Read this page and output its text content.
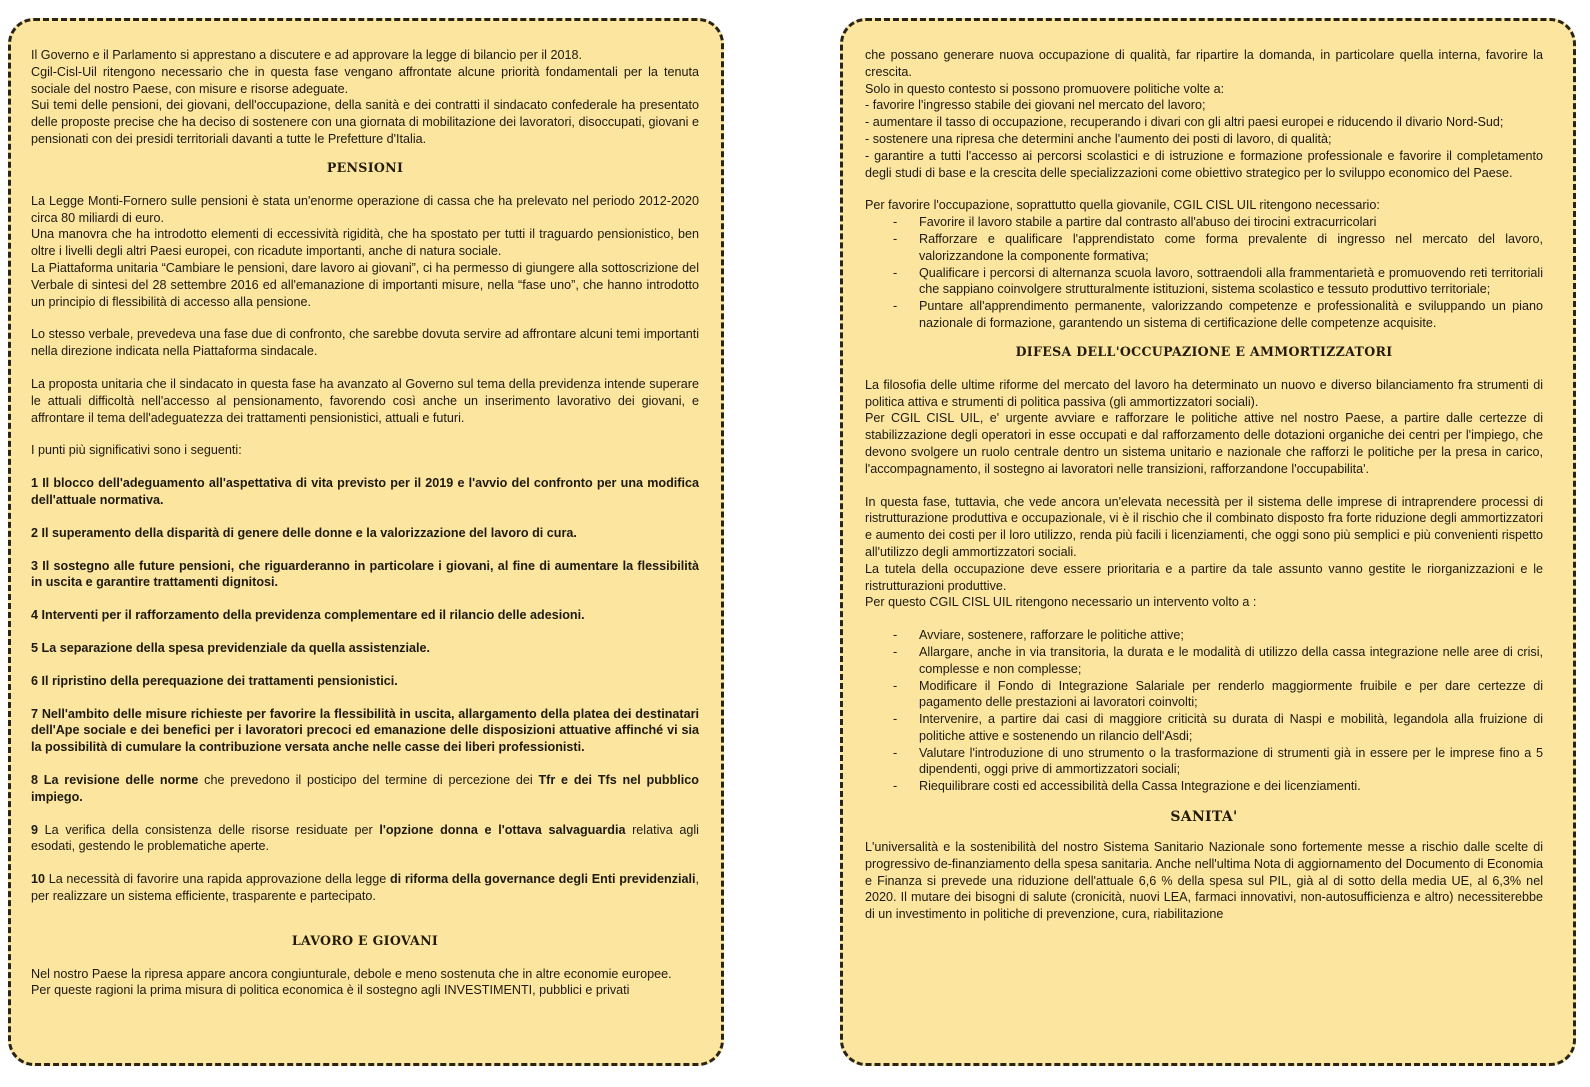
Il Governo e il Parlamento si apprestano a discutere e ad approvare la legge di bilancio per il 2018.

Cgil-Cisl-Uil ritengono necessario che in questa fase vengano affrontate alcune priorità fondamentali per la tenuta sociale del nostro Paese, con misure e risorse adeguate.

Sui temi delle pensioni, dei giovani, dell'occupazione, della sanità e dei contratti il sindacato confederale ha presentato delle proposte precise che ha deciso di sostenere con una giornata di mobilitazione dei lavoratori, disoccupati, giovani e pensionati con dei presidi territoriali davanti a tutte le Prefetture d'Italia.

PENSIONI

La Legge Monti-Fornero sulle pensioni è stata un'enorme operazione di cassa che ha prelevato nel periodo 2012-2020 circa 80 miliardi di euro.

Una manovra che ha introdotto elementi di eccessività rigidità, che ha spostato per tutti il traguardo pensionistico, ben oltre i livelli degli altri Paesi europei, con ricadute importanti, anche di natura sociale.

La Piattaforma unitaria “Cambiare le pensioni, dare lavoro ai giovani”, ci ha permesso di giungere alla sottoscrizione del Verbale di sintesi del 28 settembre 2016 ed all'emanazione di importanti misure, nella “fase uno”, che hanno introdotto un principio di flessibilità di accesso alla pensione.

Lo stesso verbale, prevedeva una fase due di confronto, che sarebbe dovuta servire ad affrontare alcuni temi importanti nella direzione indicata nella Piattaforma sindacale.

La proposta unitaria che il sindacato in questa fase ha avanzato al Governo sul tema della previdenza intende superare le attuali difficoltà nell'accesso al pensionamento, favorendo così anche un inserimento lavorativo dei giovani, e affrontare il tema dell'adeguatezza dei trattamenti pensionistici, attuali e futuri.

I punti più significativi sono i seguenti:

1 Il blocco dell'adeguamento all'aspettativa di vita previsto per il 2019 e l'avvio del confronto per una modifica dell'attuale normativa.

2 Il superamento della disparità di genere delle donne e la valorizzazione del lavoro di cura.

3 Il sostegno alle future pensioni, che riguarderanno in particolare i giovani, al fine di aumentare la flessibilità in uscita e garantire trattamenti dignitosi.

4 Interventi per il rafforzamento della previdenza complementare ed il rilancio delle adesioni.

5 La separazione della spesa previdenziale da quella assistenziale.

6 Il ripristino della perequazione dei trattamenti pensionistici.

7 Nell'ambito delle misure richieste per favorire la flessibilità in uscita, allargamento della platea dei destinatari dell'Ape sociale e dei benefici per i lavoratori precoci ed emanazione delle disposizioni attuative affinché vi sia la possibilità di cumulare la contribuzione versata anche nelle casse dei liberi professionisti.

8 La revisione delle norme che prevedono il posticipo del termine di percezione dei Tfr e dei Tfs nel pubblico impiego.

9 La verifica della consistenza delle risorse residuate per l'opzione donna e l'ottava salvaguardia relativa agli esodati, gestendo le problematiche aperte.

10 La necessità di favorire una rapida approvazione della legge di riforma della governance degli Enti previdenziali, per realizzare un sistema efficiente, trasparente e partecipato.

LAVORO E GIOVANI

Nel nostro Paese la ripresa appare ancora congiunturale, debole e meno sostenuta che in altre economie europee.

Per queste ragioni la prima misura di politica economica è il sostegno agli INVESTIMENTI, pubblici e privati

che possano generare nuova occupazione di qualità, far ripartire la domanda, in particolare quella interna, favorire la crescita.

Solo in questo contesto si possono promuovere politiche volte a:

- favorire l'ingresso stabile dei giovani nel mercato del lavoro;

- aumentare il tasso di occupazione, recuperando i divari con gli altri paesi europei e riducendo il divario Nord-Sud;

- sostenere una ripresa che determini anche l'aumento dei posti di lavoro, di qualità;

- garantire a tutti l'accesso ai percorsi scolastici e di istruzione e formazione professionale e favorire il completamento degli studi di base e la crescita delle specializzazioni come obiettivo strategico per lo sviluppo economico del Paese.

Per favorire l'occupazione, soprattutto quella giovanile, CGIL CISL UIL ritengono necessario:

- Favorire il lavoro stabile a partire dal contrasto all'abuso dei tirocini extracurricolari
- Rafforzare e qualificare l'apprendistato come forma prevalente di ingresso nel mercato del lavoro, valorizzandone la componente formativa;
- Qualificare i percorsi di alternanza scuola lavoro, sottraendoli alla frammentarietà e promuovendo reti territoriali che sappiano coinvolgere strutturalmente istituzioni, sistema scolastico e tessuto produttivo territoriale;
- Puntare all'apprendimento permanente, valorizzando competenze e professionalità e sviluppando un piano nazionale di formazione, garantendo un sistema di certificazione delle competenze acquisite.
DIFESA DELL'OCCUPAZIONE E AMMORTIZZATORI

La filosofia delle ultime riforme del mercato del lavoro ha determinato un nuovo e diverso bilanciamento fra strumenti di politica attiva e strumenti di politica passiva (gli ammortizzatori sociali).

Per CGIL CISL UIL, e' urgente avviare e rafforzare le politiche attive nel nostro Paese, a partire dalle certezze di stabilizzazione degli operatori in esse occupati e dal rafforzamento delle dotazioni organiche dei centri per l'impiego, che devono svolgere un ruolo centrale dentro un sistema unitario e nazionale che rafforzi le politiche per la presa in carico, l'accompagnamento, il sostegno ai lavoratori nelle transizioni, rafforzandone l'occupabilita'.

In questa fase, tuttavia, che vede ancora un'elevata necessità per il sistema delle imprese di intraprendere processi di ristrutturazione produttiva e occupazionale, vi è il rischio che il combinato disposto fra forte riduzione degli ammortizzatori e aumento dei costi per il loro utilizzo, renda più facili i licenziamenti, che oggi sono più semplici e più convenienti rispetto all'utilizzo degli ammortizzatori sociali.

La tutela della occupazione deve essere prioritaria e a partire da tale assunto vanno gestite le riorganizzazioni e le ristrutturazioni produttive.

Per questo CGIL CISL UIL ritengono necessario un intervento volto a :

- Avviare, sostenere, rafforzare le politiche attive;
- Allargare, anche in via transitoria, la durata e le modalità di utilizzo della cassa integrazione nelle aree di crisi, complesse e non complesse;
- Modificare il Fondo di Integrazione Salariale per renderlo maggiormente fruibile e per dare certezze di pagamento delle prestazioni ai lavoratori coinvolti;
- Intervenire, a partire dai casi di maggiore criticità su durata di Naspi e mobilità, legandola alla fruizione di politiche attive e sostenendo un rilancio dell'Asdi;
- Valutare l'introduzione di uno strumento o la trasformazione di strumenti già in essere per le imprese fino a 5 dipendenti, oggi prive di ammortizzatori sociali;
- Riequilibrare costi ed accessibilità della Cassa Integrazione e dei licenziamenti.
SANITA'

L'universalità e la sostenibilità del nostro Sistema Sanitario Nazionale sono fortemente messe a rischio dalle scelte di progressivo de-finanziamento della spesa sanitaria. Anche nell'ultima Nota di aggiornamento del Documento di Economia e Finanza si prevede una riduzione dell'attuale 6,6 % della spesa sul PIL, già al di sotto della media UE, al 6,3% nel 2020. Il mutare dei bisogni di salute (cronicità, nuovi LEA, farmaci innovativi, non-autosufficienza e altro) necessiterebbe di un investimento in politiche di prevenzione, cura, riabilitazione
